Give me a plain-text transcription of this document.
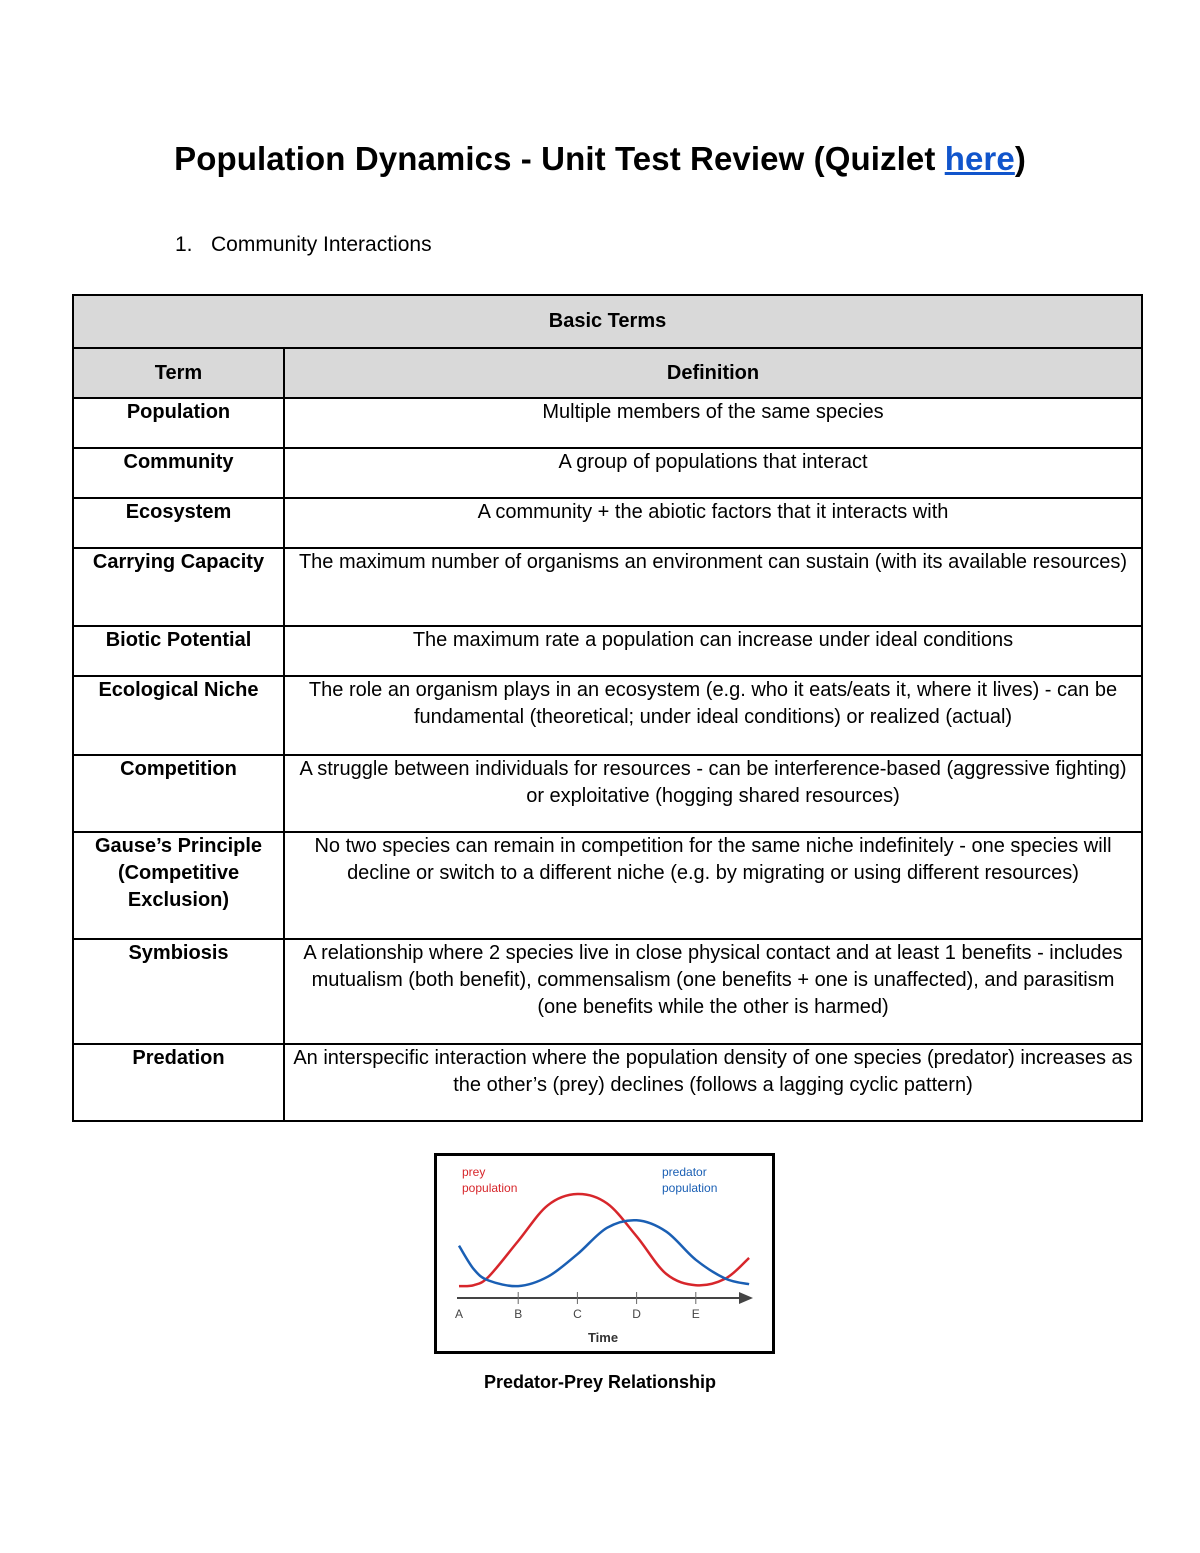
Population Dynamics - Unit Test Review (Quizlet here)
1. Community Interactions
Basic Terms	
Term	Definition
Population	Multiple members of the same species
Community	A group of populations that interact
Ecosystem	A community + the abiotic factors that it interacts with
Carrying Capacity	The maximum number of organisms an environment can sustain (with its available resources)
Biotic Potential	The maximum rate a population can increase under ideal conditions
Ecological Niche	The role an organism plays in an ecosystem (e.g. who it eats/eats it, where it lives) - can be fundamental (theoretical; under ideal conditions) or realized (actual)
Competition	A struggle between individuals for resources - can be interference-based (aggressive fighting) or exploitative (hogging shared resources)
Gause’s Principle (Competitive Exclusion)	No two species can remain in competition for the same niche indefinitely - one species will decline or switch to a different niche (e.g. by migrating or using different resources)
Symbiosis	A relationship where 2 species live in close physical contact and at least 1 benefits - includes mutualism (both benefit), commensalism (one benefits + one is unaffected), and parasitism (one benefits while the other is harmed)
Predation	An interspecific interaction where the population density of one species (predator) increases as the other’s (prey) declines (follows a lagging cyclic pattern)
prey
population
predator
population
Time
A	B	C	D	E
Predator-Prey Relationship
